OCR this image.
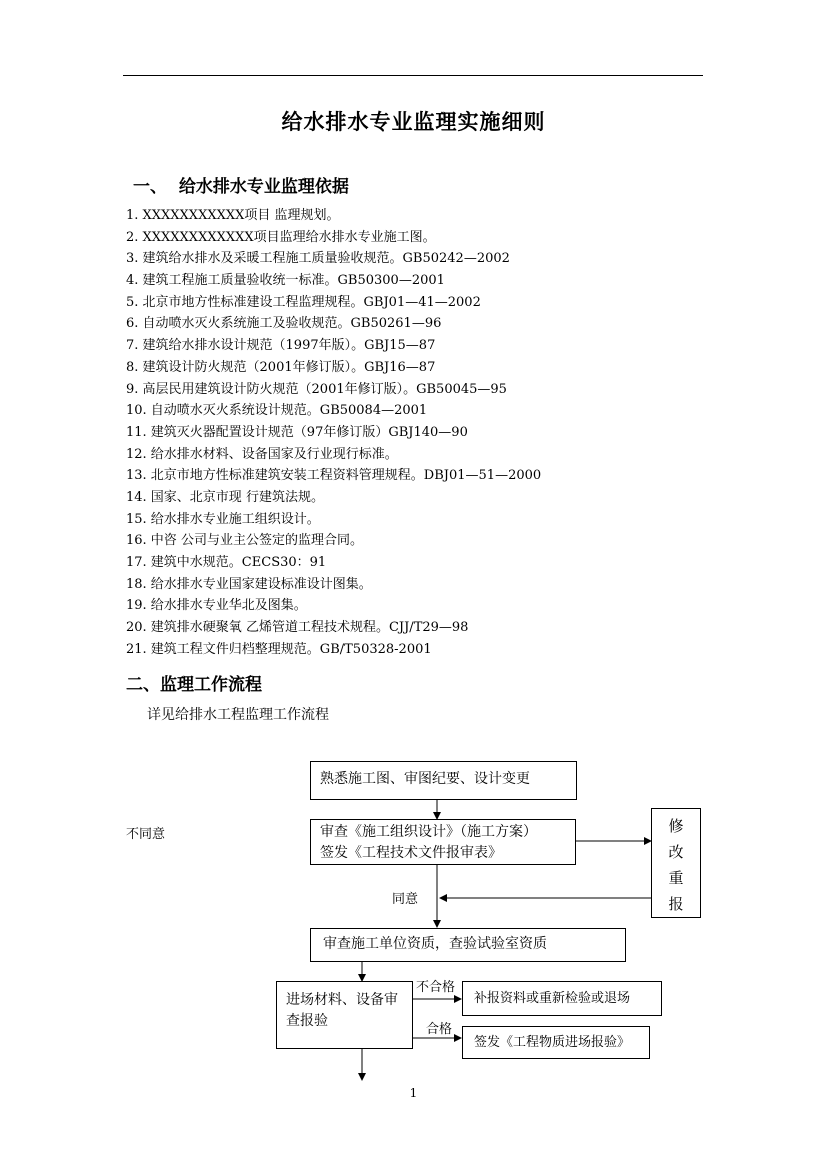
给水排水专业监理实施细则
一、  给水排水专业监理依据
1. XXXXXXXXXXX项目 监理规划。
2. XXXXXXXXXXXX项目监理给水排水专业施工图。
3. 建筑给水排水及采暖工程施工质量验收规范。GB50242—2002
4. 建筑工程施工质量验收统一标准。GB50300—2001
5. 北京市地方性标准建设工程监理规程。GBJ01—41—2002
6. 自动喷水灭火系统施工及验收规范。GB50261—96
7. 建筑给水排水设计规范（1997年版）。GBJ15—87
8. 建筑设计防火规范（2001年修订版）。GBJ16—87
9. 高层民用建筑设计防火规范（2001年修订版）。GB50045—95
10. 自动喷水灭火系统设计规范。GB50084—2001
11. 建筑灭火器配置设计规范（97年修订版）GBJ140—90
12. 给水排水材料、设备国家及行业现行标准。
13. 北京市地方性标准建筑安装工程资料管理规程。DBJ01—51—2000
14. 国家、北京市现 行建筑法规。
15. 给水排水专业施工组织设计。
16. 中咨 公司与业主公签定的监理合同。
17. 建筑中水规范。CECS30：91
18. 给水排水专业国家建设标准设计图集。
19. 给水排水专业华北及图集。
20. 建筑排水硬聚氧 乙烯管道工程技术规程。CJJ/T29—98
21. 建筑工程文件归档整理规范。GB/T50328-2001
二、监理工作流程
详见给排水工程监理工作流程
熟悉施工图、审图纪要、设计变更
审查《施工组织设计》（施工方案）
签发《工程技术文件报审表》
修
改
重
报
审查施工单位资质，查验试验室资质
进场材料、设备审查报验
补报资料或重新检验或退场
签发《工程物质进场报验》
不同意
同意
不合格
合格
1
